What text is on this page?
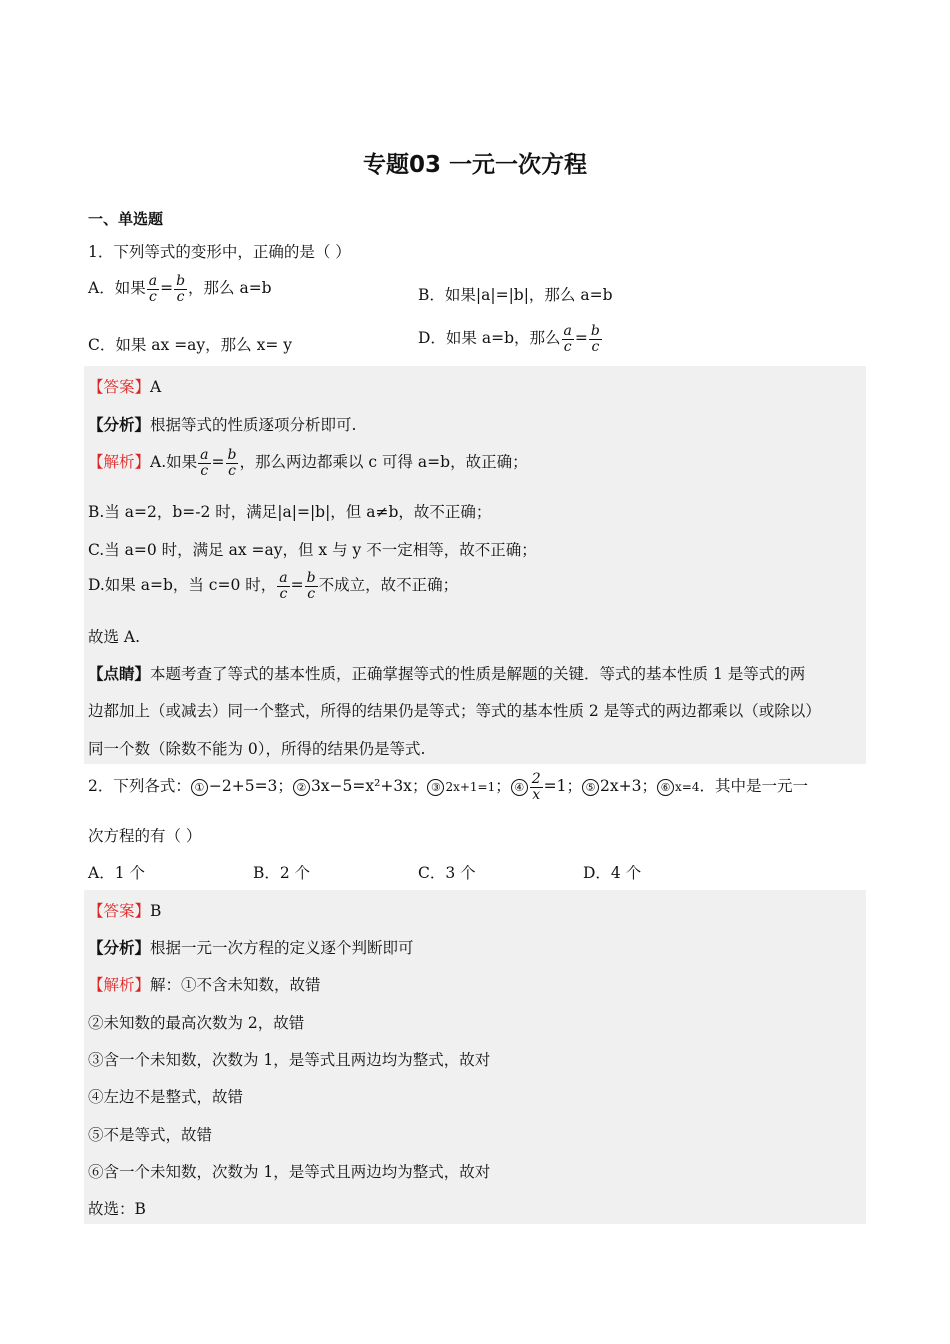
专题03 一元一次方程
一、单选题
1．下列等式的变形中，正确的是（ ）
A．如果 $\frac{a}{c} = \frac{b}{c}$ ，那么 a=b	B．如果|a|=|b|，那么 a=b
C．如果 ax =ay，那么 x= y	D．如果 a=b，那么 $\frac{a}{c} = \frac{b}{c}$
【答案】A
【分析】根据等式的性质逐项分析即可.
【解析】A.如果 $\frac{a}{c} = \frac{b}{c}$ ，那么两边都乘以 c 可得 a=b，故正确；
B.当 a=2，b=-2 时，满足|a|=|b|，但 a≠b，故不正确；
C.当 a=0 时，满足 ax =ay，但 x 与 y 不一定相等，故不正确；
D.如果 a=b，当 c=0 时， $\frac{a}{c} = \frac{b}{c}$ 不成立，故不正确；
故选 A.
【点睛】本题考查了等式的基本性质，正确掌握等式的性质是解题的关键．等式的基本性质 1 是等式的两
边都加上（或减去）同一个整式，所得的结果仍是等式；等式的基本性质 2 是等式的两边都乘以（或除以）
同一个数（除数不能为 0），所得的结果仍是等式.
2．下列各式： ① −2+5=3； ② 3x−5=x²+3x； ③ 2x+1=1； ④ $\frac{2}{x} =1$； ⑤ 2x+3； ⑥ x=4．其中是一元一
次方程的有（ ）
A．1 个	B．2 个	C．3 个	D．4 个
【答案】B
【分析】根据一元一次方程的定义逐个判断即可
【解析】解：①不含未知数，故错
②未知数的最高次数为 2，故错
③含一个未知数，次数为 1，是等式且两边均为整式，故对
④左边不是整式，故错
⑤不是等式，故错
⑥含一个未知数，次数为 1，是等式且两边均为整式，故对
故选：B
